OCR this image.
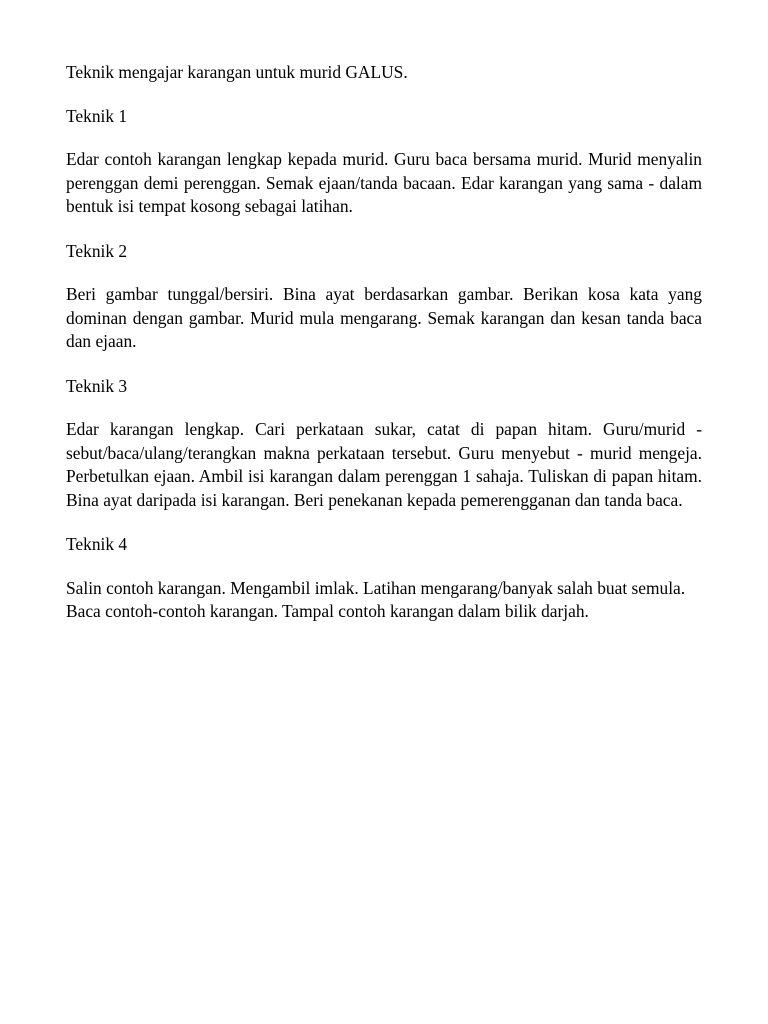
Teknik mengajar karangan untuk murid GALUS.

Teknik 1

Edar contoh karangan lengkap kepada murid. Guru baca bersama murid. Murid menyalin perenggan demi perenggan. Semak ejaan/tanda bacaan. Edar karangan yang sama - dalam bentuk isi tempat kosong sebagai latihan.

Teknik 2

Beri gambar tunggal/bersiri. Bina ayat berdasarkan gambar. Berikan kosa kata yang dominan dengan gambar. Murid mula mengarang. Semak karangan dan kesan tanda baca dan ejaan.

Teknik 3

Edar karangan lengkap. Cari perkataan sukar, catat di papan hitam. Guru/murid - sebut/baca/ulang/terangkan makna perkataan tersebut. Guru menyebut - murid mengeja. Perbetulkan ejaan. Ambil isi karangan dalam perenggan 1 sahaja. Tuliskan di papan hitam. Bina ayat daripada isi karangan. Beri penekanan kepada pemerengganan dan tanda baca.

Teknik 4

Salin contoh karangan. Mengambil imlak. Latihan mengarang/banyak salah buat semula. Baca contoh-contoh karangan. Tampal contoh karangan dalam bilik darjah.
